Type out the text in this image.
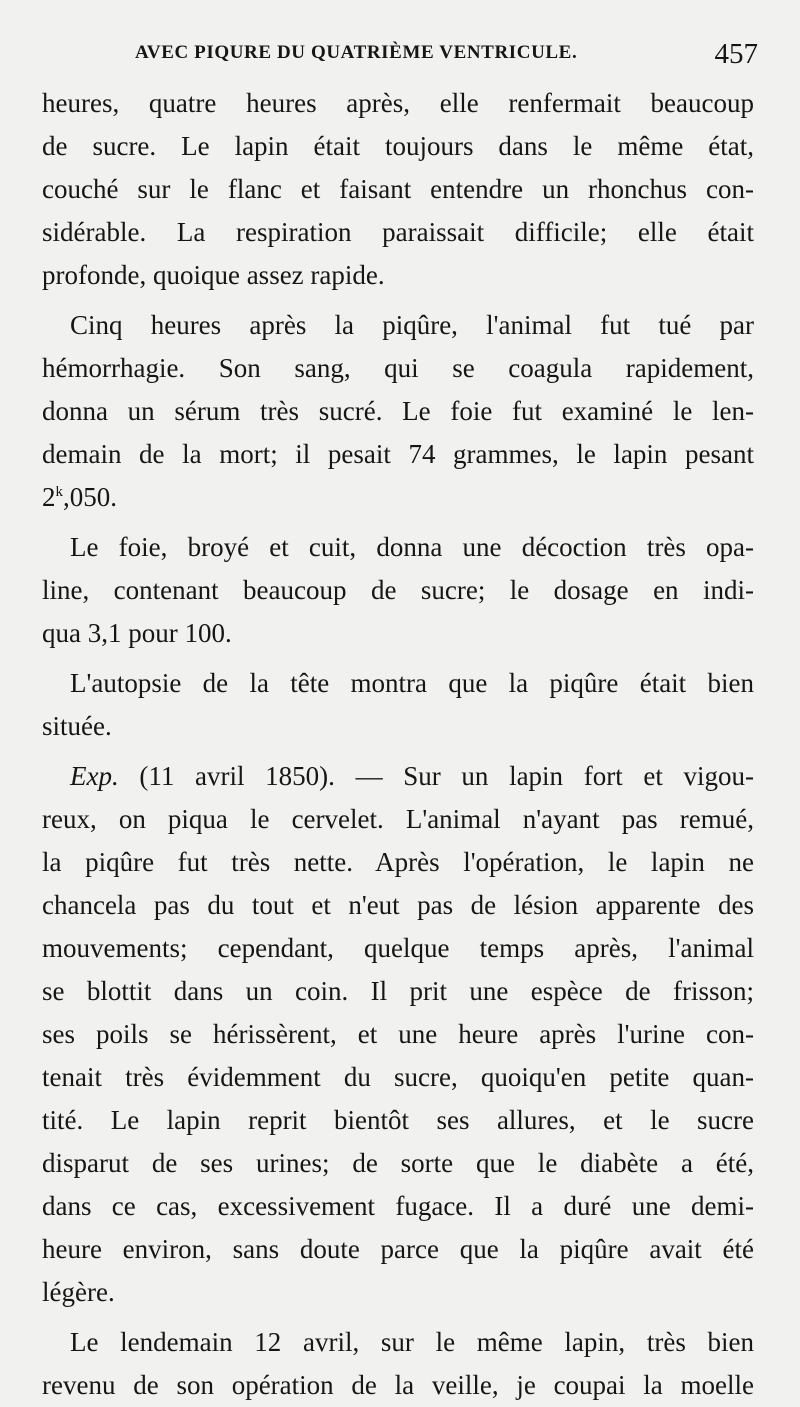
AVEC PIQURE DU QUATRIÈME VENTRICULE.	457
heures, quatre heures après, elle renfermait beaucoup
de sucre. Le lapin était toujours dans le même état,
couché sur le flanc et faisant entendre un rhonchus con-
sidérable. La respiration paraissait difficile; elle était
profonde, quoique assez rapide.
Cinq heures après la piqûre, l'animal fut tué par
hémorrhagie. Son sang, qui se coagula rapidement,
donna un sérum très sucré. Le foie fut examiné le len-
demain de la mort; il pesait 74 grammes, le lapin pesant
2$^k$,050.
Le foie, broyé et cuit, donna une décoction très opa-
line, contenant beaucoup de sucre; le dosage en indi-
qua 3,1 pour 100.
L'autopsie de la tête montra que la piqûre était bien
située.
Exp. (11 avril 1850). — Sur un lapin fort et vigou-
reux, on piqua le cervelet. L'animal n'ayant pas remué,
la piqûre fut très nette. Après l'opération, le lapin ne
chancela pas du tout et n'eut pas de lésion apparente des
mouvements; cependant, quelque temps après, l'animal
se blottit dans un coin. Il prit une espèce de frisson;
ses poils se hérissèrent, et une heure après l'urine con-
tenait très évidemment du sucre, quoiqu'en petite quan-
tité. Le lapin reprit bientôt ses allures, et le sucre
disparut de ses urines; de sorte que le diabète a été,
dans ce cas, excessivement fugace. Il a duré une demi-
heure environ, sans doute parce que la piqûre avait été
légère.
Le lendemain 12 avril, sur le même lapin, très bien
revenu de son opération de la veille, je coupai la moelle
